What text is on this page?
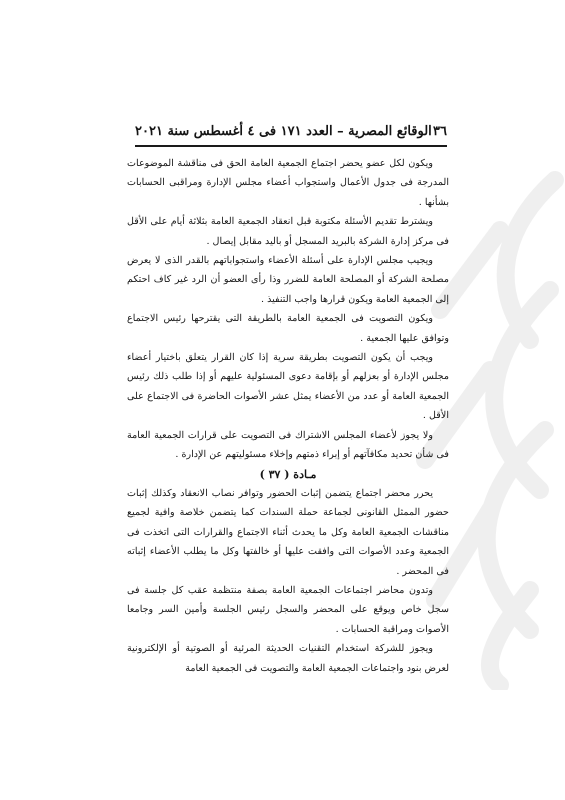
٣٦
الوقائع المصرية – العدد ١٧١ فى ٤ أغسطس سنة ٢٠٢١

ويكون لكل عضو يحضر اجتماع الجمعية العامة الحق فى مناقشة الموضوعات المدرجة فى جدول الأعمال واستجواب أعضاء مجلس الإدارة ومراقبى الحسابات بشأنها .

ويشترط تقديم الأسئلة مكتوبة قبل انعقاد الجمعية العامة بثلاثة أيام على الأقل فى مركز إدارة الشركة بالبريد المسجل أو باليد مقابل إيصال .

ويجيب مجلس الإدارة على أسئلة الأعضاء واستجواباتهم بالقدر الذى لا يعرض مصلحة الشركة أو المصلحة العامة للضرر وذا رأى العضو أن الرد غير كاف احتكم إلى الجمعية العامة ويكون قرارها واجب التنفيذ .

ويكون التصويت فى الجمعية العامة بالطريقة التى يقترحها رئيس الاجتماع وتوافق عليها الجمعية .

ويجب أن يكون التصويت بطريقة سرية إذا كان القرار يتعلق باختيار أعضاء مجلس الإدارة أو بعزلهم أو بإقامة دعوى المسئولية عليهم أو إذا طلب ذلك رئيس الجمعية العامة أو عدد من الأعضاء يمثل عشر الأصوات الحاضرة فى الاجتماع على الأقل .

ولا يجوز لأعضاء المجلس الاشتراك فى التصويت على قرارات الجمعية العامة فى شأن تحديد مكافآتهم أو إبراء ذمتهم وإخلاء مسئوليتهم عن الإدارة .

مـادة ( ٣٧ )

يحرر محضر اجتماع يتضمن إثبات الحضور وتوافر نصاب الانعقاد وكذلك إثبات حضور الممثل القانونى لجماعة حملة السندات كما يتضمن خلاصة وافية لجميع مناقشات الجمعية العامة وكل ما يحدث أثناء الاجتماع والقرارات التى اتخذت فى الجمعية وعدد الأصوات التى وافقت عليها أو خالفتها وكل ما يطلب الأعضاء إثباته فى المحضر .

وتدون محاضر اجتماعات الجمعية العامة بصفة منتظمة عقب كل جلسة فى سجل خاص ويوقع على المحضر والسجل رئيس الجلسة وأمين السر وجامعا الأصوات ومراقبة الحسابات .

ويجوز للشركة استخدام التقنيات الحديثة المرئية أو الصوتية أو الإلكترونية لعرض بنود واجتماعات الجمعية العامة والتصويت فى الجمعية العامة
